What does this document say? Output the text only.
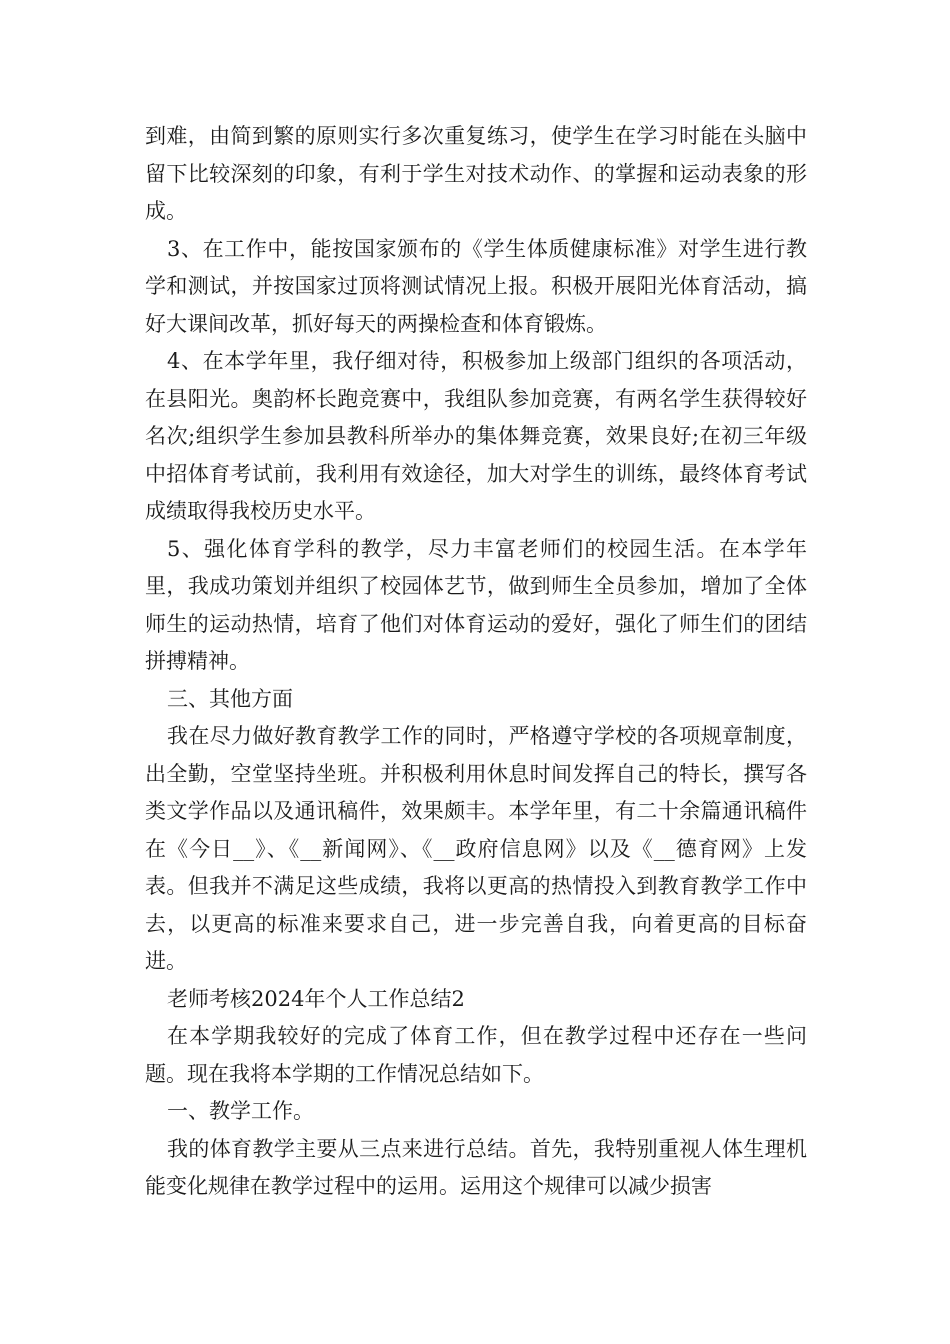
到难，由简到繁的原则实行多次重复练习，使学生在学习时能在头脑中留下比较深刻的印象，有利于学生对技术动作、的掌握和运动表象的形成。

3、在工作中，能按国家颁布的《学生体质健康标准》对学生进行教学和测试，并按国家过顶将测试情况上报。积极开展阳光体育活动，搞好大课间改革，抓好每天的两操检查和体育锻炼。

4、在本学年里，我仔细对待，积极参加上级部门组织的各项活动，在县阳光。奥韵杯长跑竞赛中，我组队参加竞赛，有两名学生获得较好名次;组织学生参加县教科所举办的集体舞竞赛，效果良好;在初三年级中招体育考试前，我利用有效途径，加大对学生的训练，最终体育考试成绩取得我校历史水平。

5、强化体育学科的教学，尽力丰富老师们的校园生活。在本学年里，我成功策划并组织了校园体艺节，做到师生全员参加，增加了全体师生的运动热情，培育了他们对体育运动的爱好，强化了师生们的团结拼搏精神。

三、其他方面

我在尽力做好教育教学工作的同时，严格遵守学校的各项规章制度，出全勤，空堂坚持坐班。并积极利用休息时间发挥自己的特长，撰写各类文学作品以及通讯稿件，效果颇丰。本学年里，有二十余篇通讯稿件在《今日__》、《__新闻网》、《__政府信息网》以及《__德育网》上发表。但我并不满足这些成绩，我将以更高的热情投入到教育教学工作中去，以更高的标准来要求自己，进一步完善自我，向着更高的目标奋进。

老师考核2024年个人工作总结2

在本学期我较好的完成了体育工作，但在教学过程中还存在一些问题。现在我将本学期的工作情况总结如下。

一、教学工作。

我的体育教学主要从三点来进行总结。首先，我特别重视人体生理机能变化规律在教学过程中的运用。运用这个规律可以减少损害
